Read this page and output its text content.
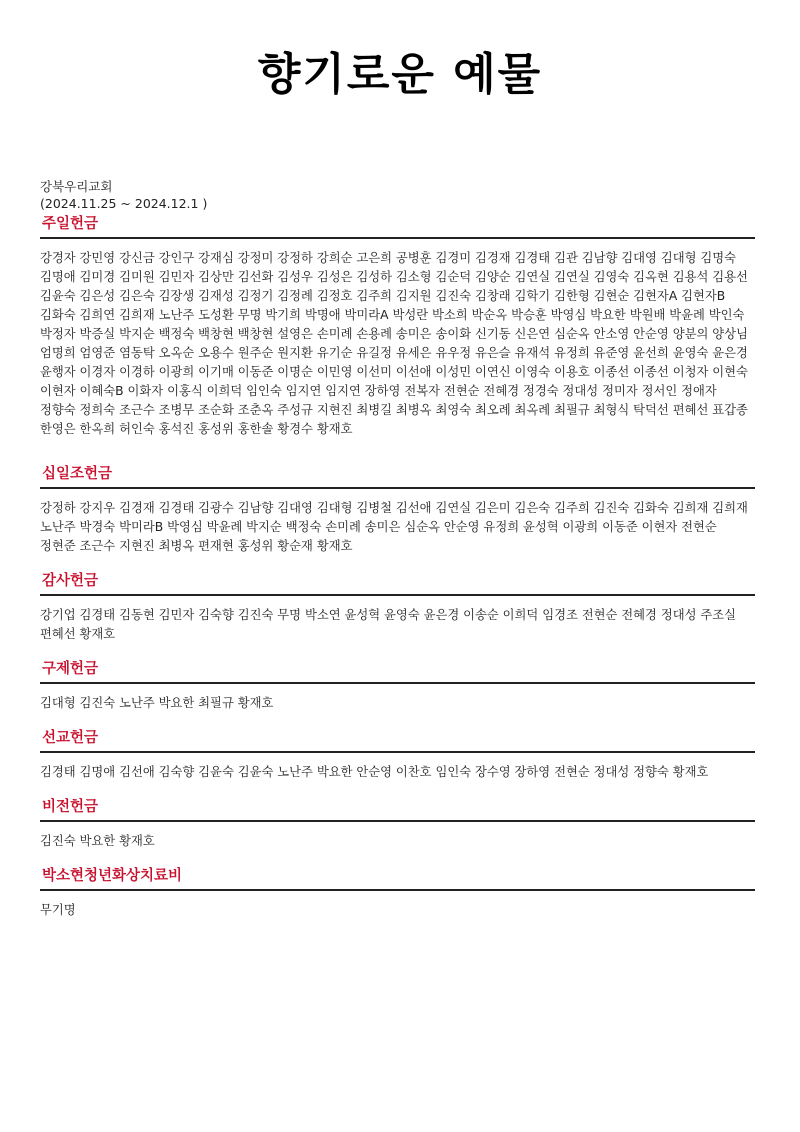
향기로운 예물
강북우리교회
(2024.11.25 ~ 2024.12.1 )
주일헌금

강경자 강민영 강신금 강인구 강재심 강정미 강정하 강희순 고은희 공병훈 김경미 김경재 김경태 김관 김남향 김대영 김대형 김명숙 김명애 김미경 김미원 김민자 김상만 김선화 김성우 김성은 김성하 김소형 김순덕 김양순 김연실 김연실 김영숙 김옥현 김용석 김용선 김윤숙 김은성 김은숙 김장생 김재성 김정기 김정례 김정호 김주희 김지원 김진숙 김창래 김학기 김한형 김현순 김현자A 김현자B 김화숙 김희연 김희재 노난주 도성환 무명 박기희 박명애 박미라A 박성란 박소희 박순옥 박승훈 박영심 박요한 박원배 박윤례 박인숙 박정자 박증실 박지순 백정숙 백창현 백창현 설영은 손미례 손용례 송미은 송이화 신기동 신은연 심순옥 안소영 안순영 양분의 양상님 엄명희 엄영준 염동탁 오옥순 오용수 원주순 원지환 유기순 유길정 유세은 유우정 유은슬 유재석 유정희 유준영 윤선희 윤영숙 윤은경 윤행자 이경자 이경하 이광희 이기매 이동준 이명순 이민영 이선미 이선애 이성민 이연신 이영숙 이용호 이종선 이종선 이청자 이현숙 이현자 이혜숙B 이화자 이홍식 이희덕 임인숙 임지연 임지연 장하영 전복자 전현순 전혜경 정경숙 정대성 정미자 정서인 정애자 정향숙 정희숙 조근수 조병무 조순화 조춘옥 주성규 지현진 최병길 최병옥 최영숙 최오례 최옥례 최필규 최형식 탁덕선 편혜선 표갑종 한영은 한옥희 허인숙 홍석진 홍성위 홍한솔 황경수 황재호

십일조헌금

강정하 강지우 김경재 김경태 김광수 김남향 김대영 김대형 김병철 김선애 김연실 김은미 김은숙 김주희 김진숙 김화숙 김희재 김희재 노난주 박경숙 박미라B 박영심 박윤례 박지순 백정숙 손미례 송미은 심순옥 안순영 유정희 윤성혁 이광희 이동준 이현자 전현순 정현준 조근수 지현진 최병옥 편재현 홍성위 황순재 황재호

감사헌금

강기업 김경태 김동현 김민자 김숙향 김진숙 무명 박소연 윤성혁 윤영숙 윤은경 이송순 이희덕 임경조 전현순 전혜경 정대성 주조실 편혜선 황재호

구제헌금

김대형 김진숙 노난주 박요한 최필규 황재호

선교헌금

김경태 김명애 김선애 김숙향 김윤숙 김윤숙 노난주 박요한 안순영 이찬호 임인숙 장수영 장하영 전현순 정대성 정향숙 황재호

비전헌금

김진숙 박요한 황재호

박소현청년화상치료비

무기명
